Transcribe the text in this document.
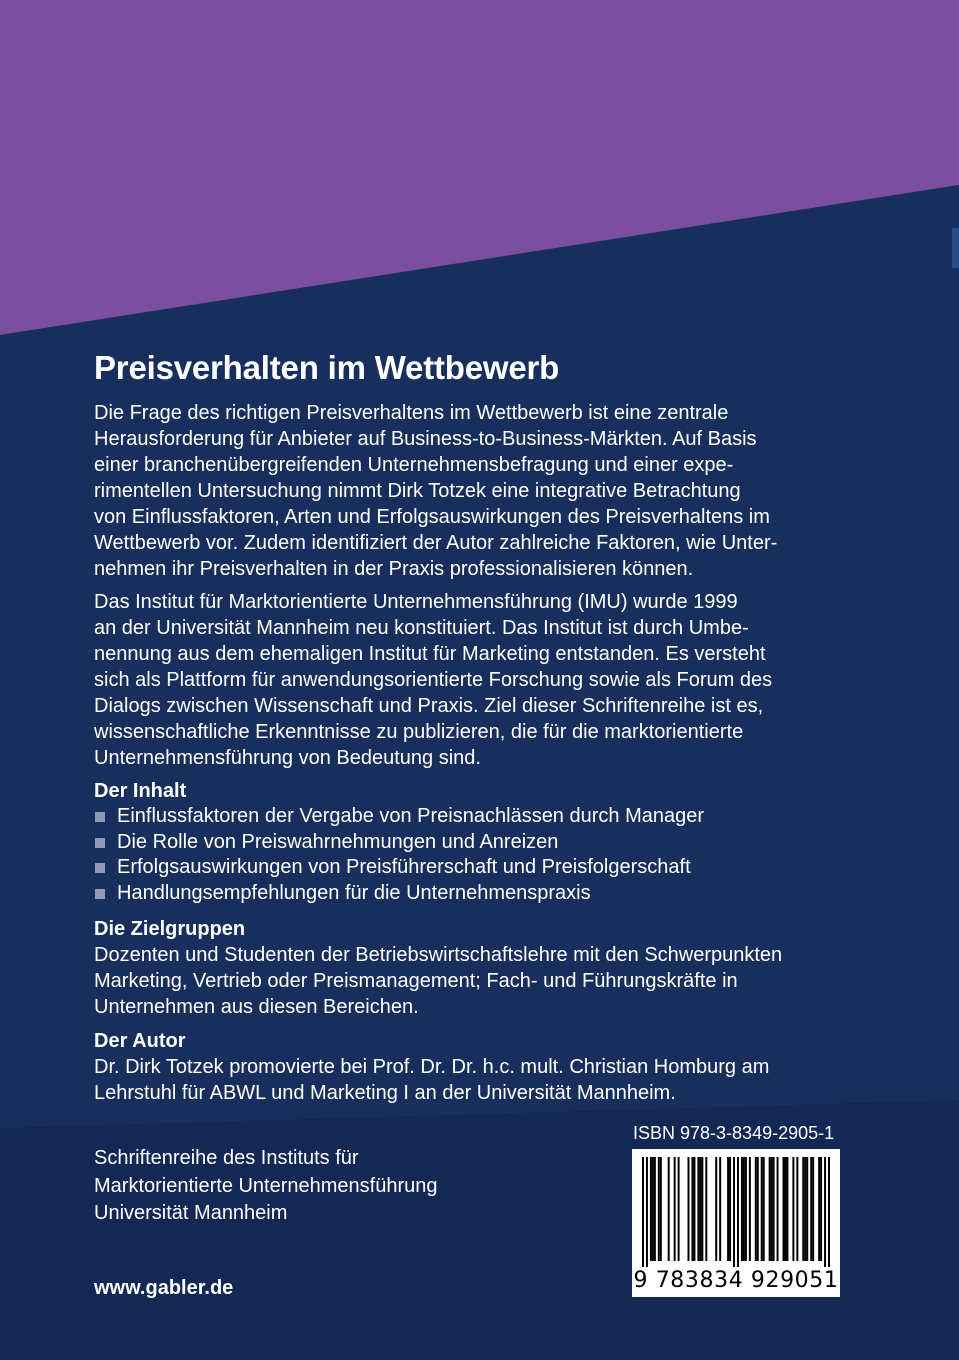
Preisverhalten im Wettbewerb
Die Frage des richtigen Preisverhaltens im Wettbewerb ist eine zentrale
Herausforderung für Anbieter auf Business-to-Business-Märkten. Auf Basis
einer branchenübergreifenden Unternehmensbefragung und einer expe-
rimentellen Untersuchung nimmt Dirk Totzek eine integrative Betrachtung
von Einflussfaktoren, Arten und Erfolgsauswirkungen des Preisverhaltens im
Wettbewerb vor. Zudem identifiziert der Autor zahlreiche Faktoren, wie Unter-
nehmen ihr Preisverhalten in der Praxis professionalisieren können.
Das Institut für Marktorientierte Unternehmensführung (IMU) wurde 1999
an der Universität Mannheim neu konstituiert. Das Institut ist durch Umbe-
nennung aus dem ehemaligen Institut für Marketing entstanden. Es versteht
sich als Plattform für anwendungsorientierte Forschung sowie als Forum des
Dialogs zwischen Wissenschaft und Praxis. Ziel dieser Schriftenreihe ist es,
wissenschaftliche Erkenntnisse zu publizieren, die für die marktorientierte
Unternehmensführung von Bedeutung sind.
Der Inhalt
Einflussfaktoren der Vergabe von Preisnachlässen durch Manager
Die Rolle von Preiswahrnehmungen und Anreizen
Erfolgsauswirkungen von Preisführerschaft und Preisfolgerschaft
Handlungsempfehlungen für die Unternehmenspraxis
Die Zielgruppen
Dozenten und Studenten der Betriebswirtschaftslehre mit den Schwerpunkten
Marketing, Vertrieb oder Preismanagement; Fach- und Führungskräfte in
Unternehmen aus diesen Bereichen.
Der Autor
Dr. Dirk Totzek promovierte bei Prof. Dr. Dr. h.c. mult. Christian Homburg am
Lehrstuhl für ABWL und Marketing I an der Universität Mannheim.
Schriftenreihe des Instituts für
Marktorientierte Unternehmensführung
Universität Mannheim

www.gabler.de

ISBN 978-3-8349-2905-1

9 783834 929051
